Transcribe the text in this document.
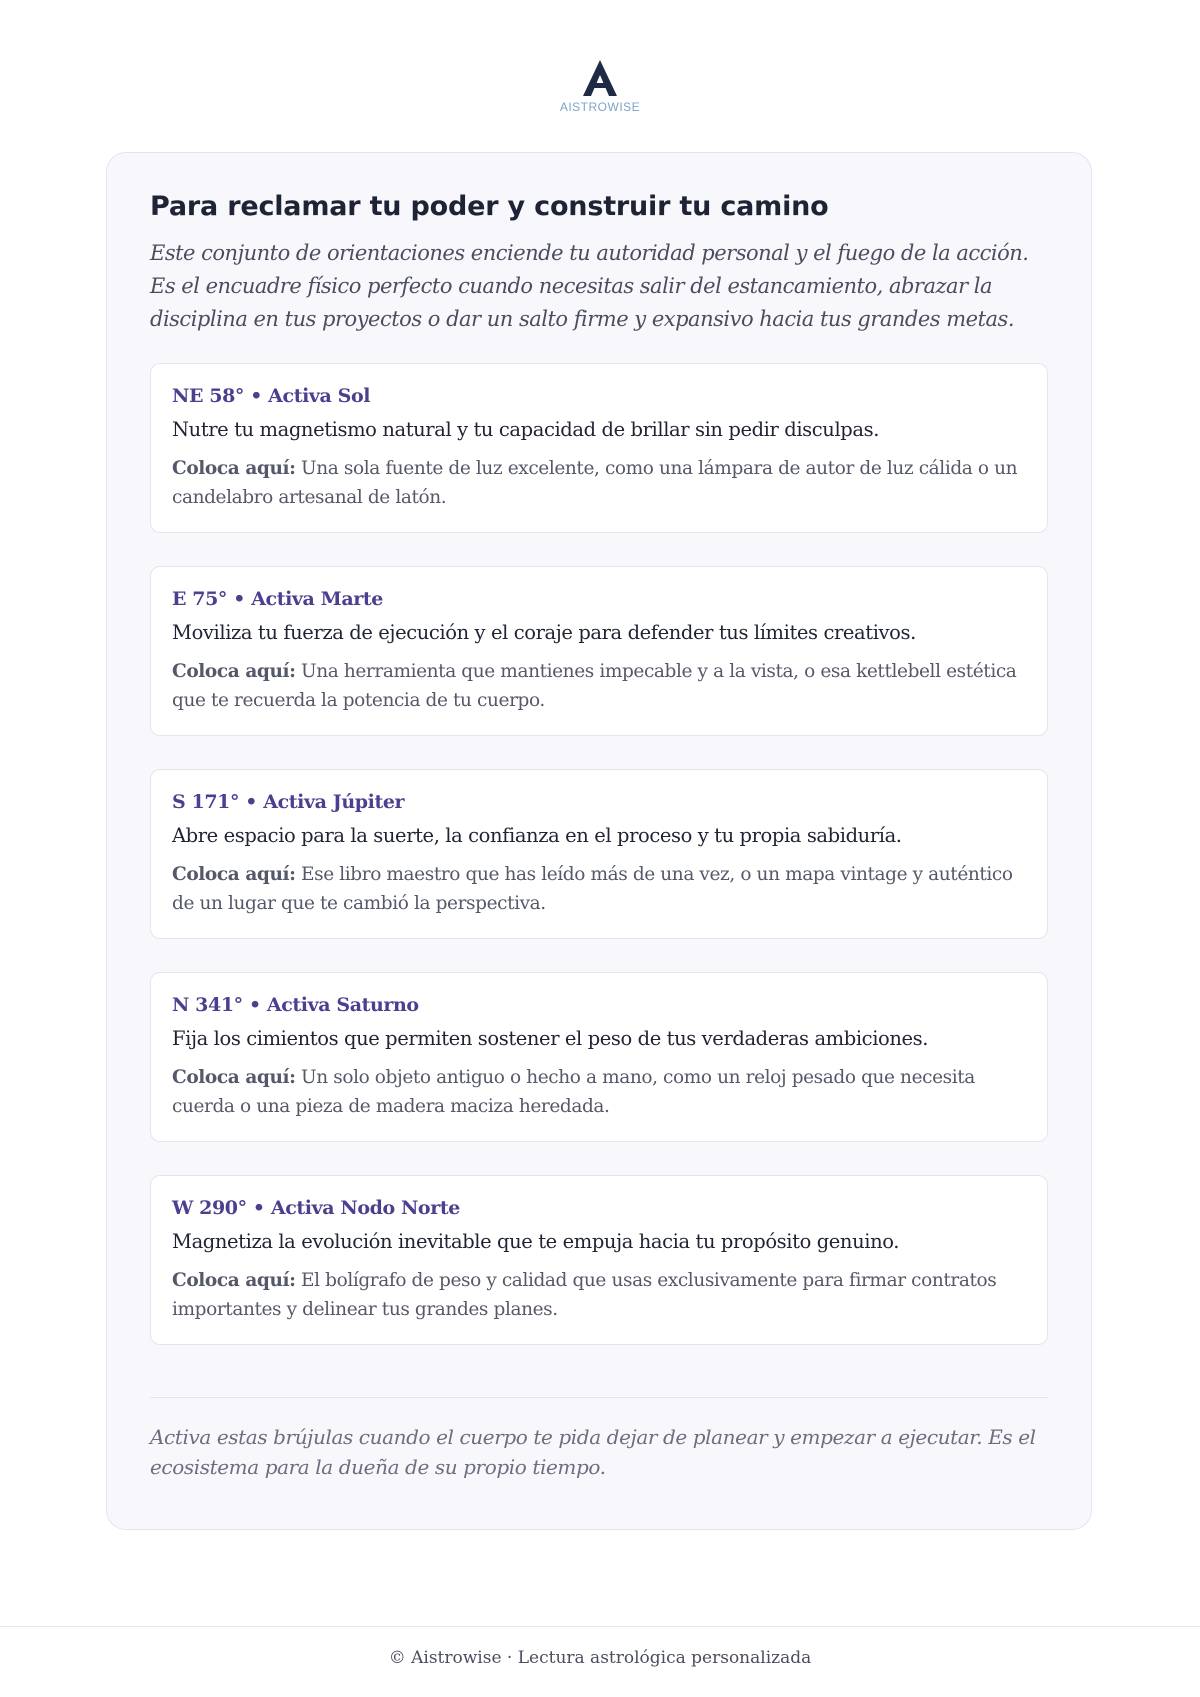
AISTROWISE
Para reclamar tu poder y construir tu camino

Este conjunto de orientaciones enciende tu autoridad personal y el fuego de la acción. Es el encuadre físico perfecto cuando necesitas salir del estancamiento, abrazar la disciplina en tus proyectos o dar un salto firme y expansivo hacia tus grandes metas.

NE 58° • Activa Sol
Nutre tu magnetismo natural y tu capacidad de brillar sin pedir disculpas.
Coloca aquí: Una sola fuente de luz excelente, como una lámpara de autor de luz cálida o un candelabro artesanal de latón.
E 75° • Activa Marte
Moviliza tu fuerza de ejecución y el coraje para defender tus límites creativos.
Coloca aquí: Una herramienta que mantienes impecable y a la vista, o esa kettlebell estética que te recuerda la potencia de tu cuerpo.
S 171° • Activa Júpiter
Abre espacio para la suerte, la confianza en el proceso y tu propia sabiduría.
Coloca aquí: Ese libro maestro que has leído más de una vez, o un mapa vintage y auténtico de un lugar que te cambió la perspectiva.
N 341° • Activa Saturno
Fija los cimientos que permiten sostener el peso de tus verdaderas ambiciones.
Coloca aquí: Un solo objeto antiguo o hecho a mano, como un reloj pesado que necesita cuerda o una pieza de madera maciza heredada.
W 290° • Activa Nodo Norte
Magnetiza la evolución inevitable que te empuja hacia tu propósito genuino.
Coloca aquí: El bolígrafo de peso y calidad que usas exclusivamente para firmar contratos importantes y delinear tus grandes planes.

Activa estas brújulas cuando el cuerpo te pida dejar de planear y empezar a ejecutar. Es el ecosistema para la dueña de su propio tiempo.

© Aistrowise · Lectura astrológica personalizada
